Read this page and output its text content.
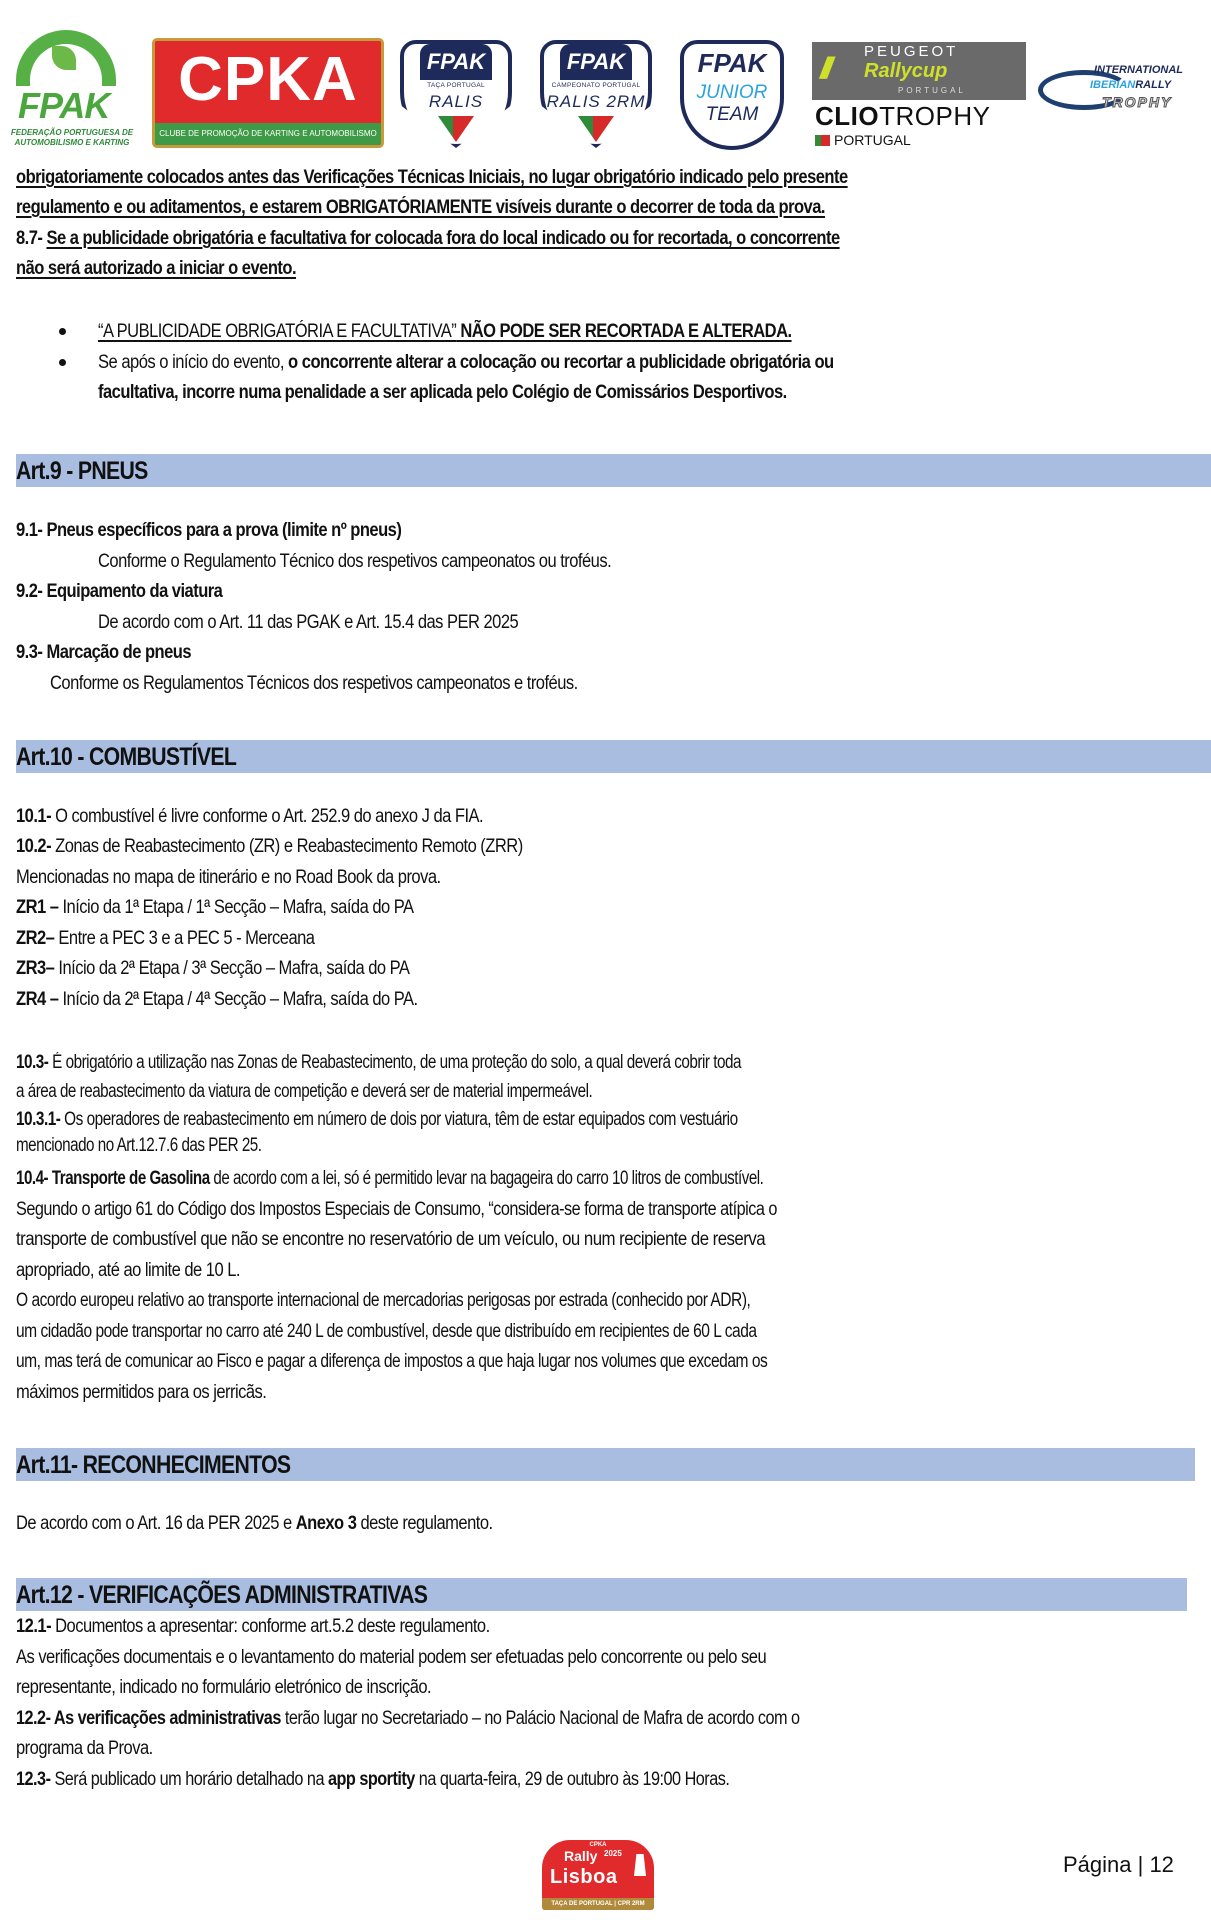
FPAK
FEDERAÇÃO PORTUGUESA DE AUTOMOBILISMO E KARTING
CPKA
CLUBE DE PROMOÇÃO DE KARTING E AUTOMOBILISMO
FPAK
TAÇA PORTUGAL
RALIS
FPAK
CAMPEONATO PORTUGAL
RALIS 2RM
FPAK
JUNIOR
TEAM
///
PEUGEOT
Rallycup
PORTUGAL
CLIOTROPHY
PORTUGAL
INTERNATIONAL
IBERIANRALLY
TROPHY
obrigatoriamente colocados antes das Verificações Técnicas Iniciais, no lugar obrigatório indicado pelo presente
regulamento e ou aditamentos, e estarem OBRIGATÓRIAMENTE visíveis durante o decorrer de toda da prova.
8.7- Se a publicidade obrigatória e facultativa for colocada fora do local indicado ou for recortada, o concorrente
não será autorizado a iniciar o evento.
“A PUBLICIDADE OBRIGATÓRIA E FACULTATIVA” NÃO PODE SER RECORTADA E ALTERADA.
Se após o início do evento, o concorrente alterar a colocação ou recortar a publicidade obrigatória ou
facultativa, incorre numa penalidade a ser aplicada pelo Colégio de Comissários Desportivos.
Art.9 - PNEUS
9.1- Pneus específicos para a prova (limite nº pneus)
Conforme o Regulamento Técnico dos respetivos campeonatos ou troféus.
9.2- Equipamento da viatura
De acordo com o Art. 11 das PGAK e Art. 15.4 das PER 2025
9.3- Marcação de pneus
Conforme os Regulamentos Técnicos dos respetivos campeonatos e troféus.
Art.10 - COMBUSTÍVEL
10.1- O combustível é livre conforme o Art. 252.9 do anexo J da FIA.
10.2- Zonas de Reabastecimento (ZR) e Reabastecimento Remoto (ZRR)
Mencionadas no mapa de itinerário e no Road Book da prova.
ZR1 – Início da 1ª Etapa / 1ª Secção – Mafra, saída do PA
ZR2– Entre a PEC 3 e a PEC 5 - Merceana
ZR3– Início da 2ª Etapa / 3ª Secção – Mafra, saída do PA
ZR4 – Início da 2ª Etapa / 4ª Secção – Mafra, saída do PA.
10.3- É obrigatório a utilização nas Zonas de Reabastecimento, de uma proteção do solo, a qual deverá cobrir toda
a área de reabastecimento da viatura de competição e deverá ser de material impermeável.
10.3.1- Os operadores de reabastecimento em número de dois por viatura, têm de estar equipados com vestuário
mencionado no Art.12.7.6 das PER 25.
10.4- Transporte de Gasolina de acordo com a lei, só é permitido levar na bagageira do carro 10 litros de combustível.
Segundo o artigo 61 do Código dos Impostos Especiais de Consumo, “considera-se forma de transporte atípica o
transporte de combustível que não se encontre no reservatório de um veículo, ou num recipiente de reserva
apropriado, até ao limite de 10 L.
O acordo europeu relativo ao transporte internacional de mercadorias perigosas por estrada (conhecido por ADR),
um cidadão pode transportar no carro até 240 L de combustível, desde que distribuído em recipientes de 60 L cada
um, mas terá de comunicar ao Fisco e pagar a diferença de impostos a que haja lugar nos volumes que excedam os
máximos permitidos para os jerricãs.
Art.11- RECONHECIMENTOS
De acordo com o Art. 16 da PER 2025 e Anexo 3 deste regulamento.
Art.12 - VERIFICAÇÕES ADMINISTRATIVAS
12.1- Documentos a apresentar: conforme art.5.2 deste regulamento.
As verificações documentais e o levantamento do material podem ser efetuadas pelo concorrente ou pelo seu
representante, indicado no formulário eletrónico de inscrição.
12.2- As verificações administrativas terão lugar no Secretariado – no Palácio Nacional de Mafra de acordo com o
programa da Prova.
12.3- Será publicado um horário detalhado na app sportity na quarta-feira, 29 de outubro às 19:00 Horas.
CPKA
Rally 2025
Lisboa
TAÇA DE PORTUGAL | CPR 2RM
Página | 12
